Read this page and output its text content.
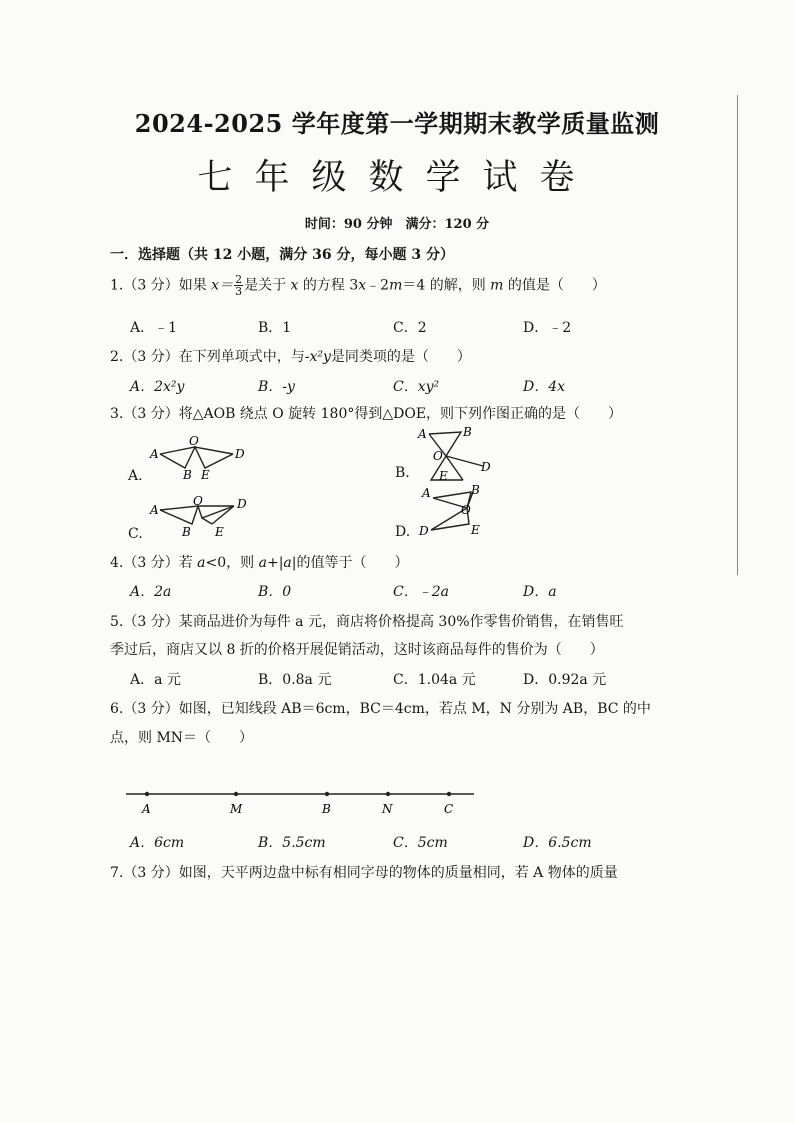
2024-2025 学年度第一学期期末教学质量监测
七年级数学试卷
时间：90 分钟　满分：120 分
一．选择题（共 12 小题，满分 36 分，每小题 3 分）
1.（3 分）如果 $x= \frac{2}{3}$ 是关于 x 的方程 3x﹣2m＝4 的解，则 m 的值是（　　）
A．﹣1	B．1	C．2	D．﹣2
2.（3 分）在下列单项式中，与-x²y是同类项的是（　　）
A．2x²y	B．-y	C．xy²	D．4x
3.（3 分）将△AOB 绕点 O 旋转 180°得到△DOE，则下列作图正确的是（　　）
A.
A
O
D
B E	B.
A
O
D
B
E
C.
A
O	D
B E	D.
A
O
D
B
E
4.（3 分）若 a<0，则 a+|a|的值等于（　　）
A．2a	B．0	C．﹣2a	D．a
5.（3 分）某商品进价为每件 a 元，商店将价格提高 30%作零售价销售，在销售旺
季过后，商店又以 8 折的价格开展促销活动，这时该商品每件的售价为（　　）
A．a 元	B．0.8a 元	C．1.04a 元	D．0.92a 元
6.（3 分）如图，已知线段 AB＝6cm，BC＝4cm，若点 M，N 分别为 AB，BC 的中
点，则 MN＝（　　）
A	M	B	N	C
A．6cm	B．5.5cm	C．5cm	D．6.5cm
7.（3 分）如图，天平两边盘中标有相同字母的物体的质量相同，若 A 物体的质量
